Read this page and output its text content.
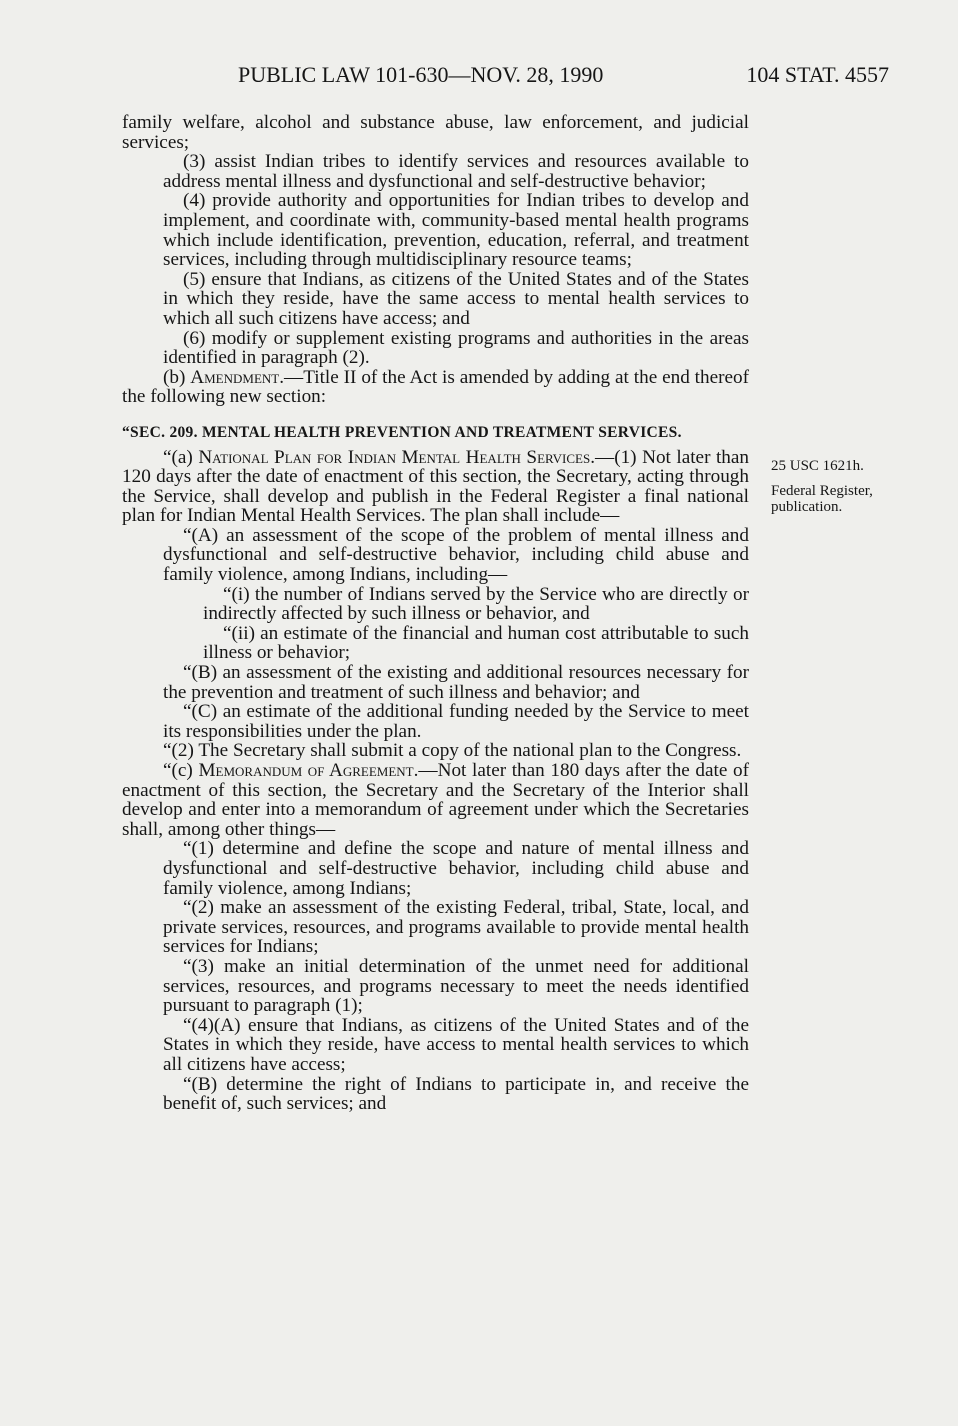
PUBLIC LAW 101-630—NOV. 28, 1990	104 STAT. 4557

family welfare, alcohol and substance abuse, law enforcement, and judicial services;

(3) assist Indian tribes to identify services and resources available to address mental illness and dysfunctional and self-destructive behavior;

(4) provide authority and opportunities for Indian tribes to develop and implement, and coordinate with, community-based mental health programs which include identification, prevention, education, referral, and treatment services, including through multidisciplinary resource teams;

(5) ensure that Indians, as citizens of the United States and of the States in which they reside, have the same access to mental health services to which all such citizens have access; and

(6) modify or supplement existing programs and authorities in the areas identified in paragraph (2).

(b) Amendment.—Title II of the Act is amended by adding at the end thereof the following new section:

“SEC. 209. MENTAL HEALTH PREVENTION AND TREATMENT SERVICES.

“(a) National Plan for Indian Mental Health Services.—(1) Not later than 120 days after the date of enactment of this section, the Secretary, acting through the Service, shall develop and publish in the Federal Register a final national plan for Indian Mental Health Services. The plan shall include—

“(A) an assessment of the scope of the problem of mental illness and dysfunctional and self-destructive behavior, including child abuse and family violence, among Indians, including—

“(i) the number of Indians served by the Service who are directly or indirectly affected by such illness or behavior, and

“(ii) an estimate of the financial and human cost attributable to such illness or behavior;

“(B) an assessment of the existing and additional resources necessary for the prevention and treatment of such illness and behavior; and

“(C) an estimate of the additional funding needed by the Service to meet its responsibilities under the plan.

“(2) The Secretary shall submit a copy of the national plan to the Congress.

“(c) Memorandum of Agreement.—Not later than 180 days after the date of enactment of this section, the Secretary and the Secretary of the Interior shall develop and enter into a memorandum of agreement under which the Secretaries shall, among other things—

“(1) determine and define the scope and nature of mental illness and dysfunctional and self-destructive behavior, including child abuse and family violence, among Indians;

“(2) make an assessment of the existing Federal, tribal, State, local, and private services, resources, and programs available to provide mental health services for Indians;

“(3) make an initial determination of the unmet need for additional services, resources, and programs necessary to meet the needs identified pursuant to paragraph (1);

“(4)(A) ensure that Indians, as citizens of the United States and of the States in which they reside, have access to mental health services to which all citizens have access;

“(B) determine the right of Indians to participate in, and receive the benefit of, such services; and

25 USC 1621h.
Federal Register, publication.
